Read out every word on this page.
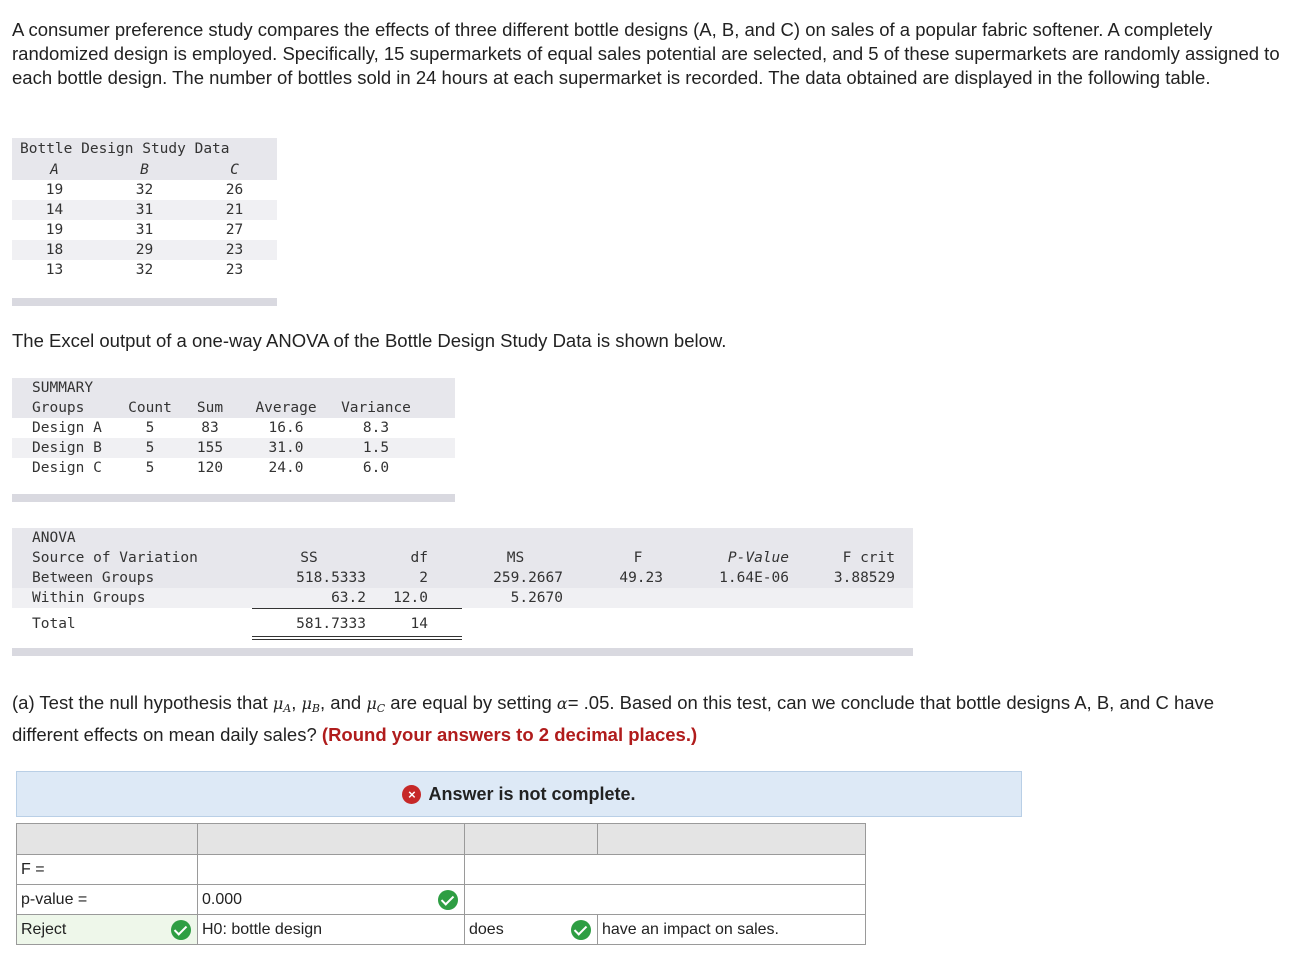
A consumer preference study compares the effects of three different bottle designs (A, B, and C) on sales of a popular fabric softener. A completely randomized design is employed. Specifically, 15 supermarkets of equal sales potential are selected, and 5 of these supermarkets are randomly assigned to each bottle design. The number of bottles sold in 24 hours at each supermarket is recorded. The data obtained are displayed in the following table.
Bottle Design Study Data
A	B	C
19	32	26
14	31	21
19	31	27
18	29	23
13	32	23
The Excel output of a one-way ANOVA of the Bottle Design Study Data is shown below.
SUMMARY
Groups	Count	Sum	Average	Variance
Design A	5	83	16.6	8.3
Design B	5	155	31.0	1.5
Design C	5	120	24.0	6.0
ANOVA
Source of Variation	SS	df	MS	F	P-Value	F crit
Between Groups	518.5333	2	259.2667	49.23	1.64E-06	3.88529
Within Groups	63.2	12.0	5.2670
Total	581.7333	14
(a) Test the null hypothesis that $\mu_A$, $\mu_B$, and $\mu_C$ are equal by setting α= .05. Based on this test, can we conclude that bottle designs A, B, and C have different effects on mean daily sales? (Round your answers to 2 decimal places.)
× Answer is not complete.

F =			
p-value =	0.000	

Reject	H0: bottle design	does	have an impact on sales.
